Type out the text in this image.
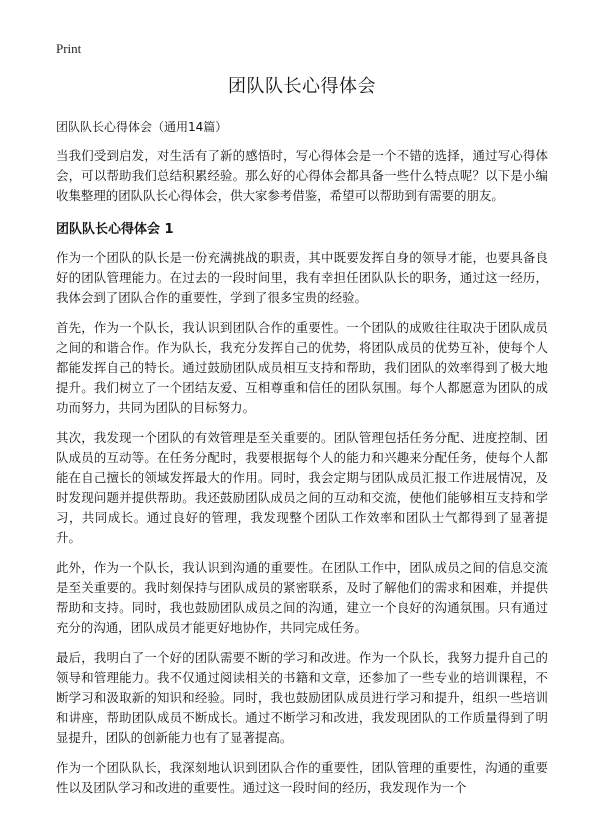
Print
团队队长心得体会
团队队长心得体会（通用14篇）

当我们受到启发，对生活有了新的感悟时，写心得体会是一个不错的选择，通过写心得体会，可以帮助我们总结积累经验。那么好的心得体会都具备一些什么特点呢？以下是小编收集整理的团队队长心得体会，供大家参考借鉴，希望可以帮助到有需要的朋友。

团队队长心得体会 1

作为一个团队的队长是一份充满挑战的职责，其中既要发挥自身的领导才能，也要具备良好的团队管理能力。在过去的一段时间里，我有幸担任团队队长的职务，通过这一经历，我体会到了团队合作的重要性，学到了很多宝贵的经验。

首先，作为一个队长，我认识到团队合作的重要性。一个团队的成败往往取决于团队成员之间的和谐合作。作为队长，我充分发挥自己的优势，将团队成员的优势互补，使每个人都能发挥自己的特长。通过鼓励团队成员相互支持和帮助，我们团队的效率得到了极大地提升。我们树立了一个团结友爱、互相尊重和信任的团队氛围。每个人都愿意为团队的成功而努力，共同为团队的目标努力。

其次，我发现一个团队的有效管理是至关重要的。团队管理包括任务分配、进度控制、团队成员的互动等。在任务分配时，我要根据每个人的能力和兴趣来分配任务，使每个人都能在自己擅长的领域发挥最大的作用。同时，我会定期与团队成员汇报工作进展情况，及时发现问题并提供帮助。我还鼓励团队成员之间的互动和交流，使他们能够相互支持和学习，共同成长。通过良好的管理，我发现整个团队工作效率和团队士气都得到了显著提升。

此外，作为一个队长，我认识到沟通的重要性。在团队工作中，团队成员之间的信息交流是至关重要的。我时刻保持与团队成员的紧密联系，及时了解他们的需求和困难，并提供帮助和支持。同时，我也鼓励团队成员之间的沟通，建立一个良好的沟通氛围。只有通过充分的沟通，团队成员才能更好地协作，共同完成任务。

最后，我明白了一个好的团队需要不断的学习和改进。作为一个队长，我努力提升自己的领导和管理能力。我不仅通过阅读相关的书籍和文章，还参加了一些专业的培训课程，不断学习和汲取新的知识和经验。同时，我也鼓励团队成员进行学习和提升，组织一些培训和讲座，帮助团队成员不断成长。通过不断学习和改进，我发现团队的工作质量得到了明显提升，团队的创新能力也有了显著提高。

作为一个团队队长，我深刻地认识到团队合作的重要性，团队管理的重要性，沟通的重要性以及团队学习和改进的重要性。通过这一段时间的经历，我发现作为一个
